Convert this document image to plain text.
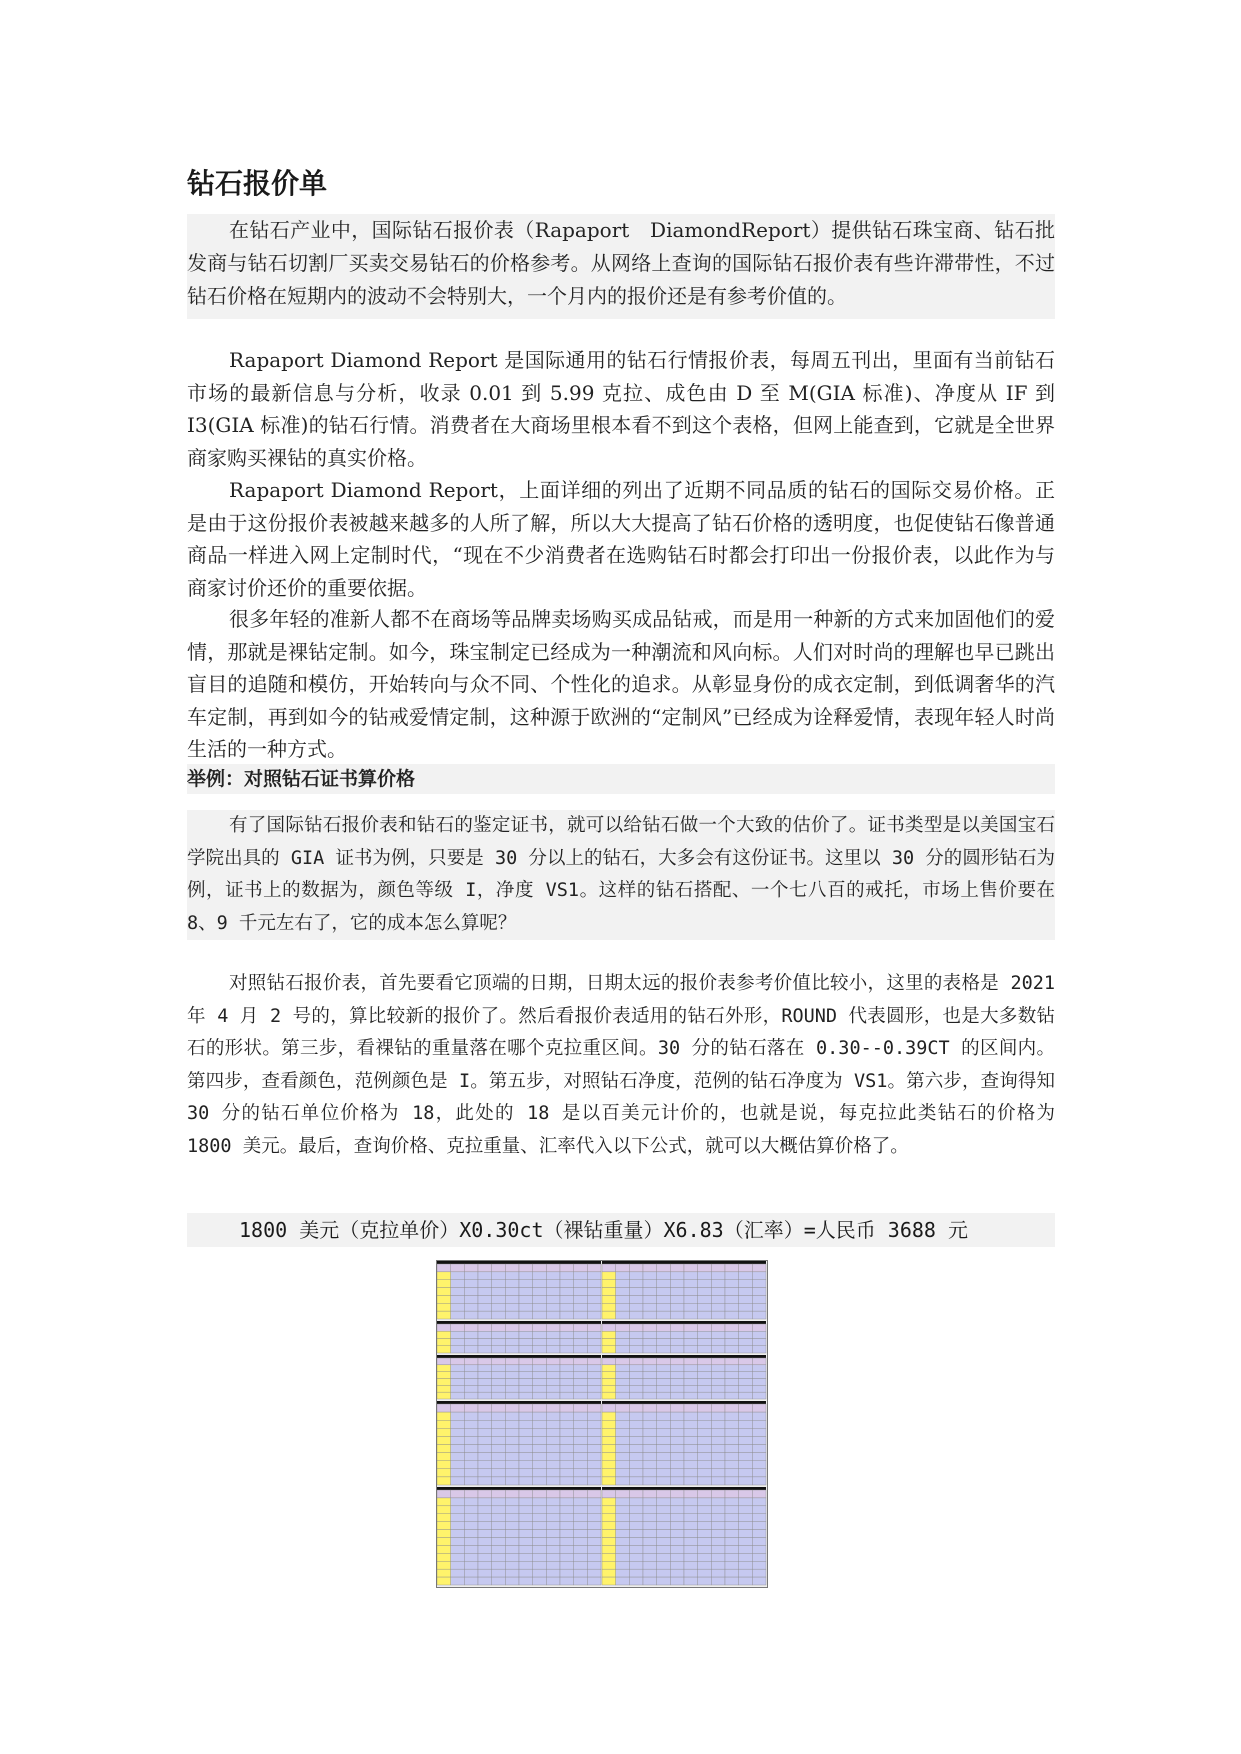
钻石报价单

在钻石产业中，国际钻石报价表（Rapaport　DiamondReport）提供钻石珠宝商、钻石批发商与钻石切割厂买卖交易钻石的价格参考。从网络上查询的国际钻石报价表有些许滞带性，不过钻石价格在短期内的波动不会特别大，一个月内的报价还是有参考价值的。

Rapaport Diamond Report 是国际通用的钻石行情报价表，每周五刊出，里面有当前钻石市场的最新信息与分析，收录 0.01 到 5.99 克拉、成色由 D 至 M(GIA 标准)、净度从 IF 到 I3(GIA 标准)的钻石行情。消费者在大商场里根本看不到这个表格，但网上能查到，它就是全世界商家购买裸钻的真实价格。

Rapaport Diamond Report，上面详细的列出了近期不同品质的钻石的国际交易价格。正是由于这份报价表被越来越多的人所了解，所以大大提高了钻石价格的透明度，也促使钻石像普通商品一样进入网上定制时代，“现在不少消费者在选购钻石时都会打印出一份报价表，以此作为与商家讨价还价的重要依据。

很多年轻的准新人都不在商场等品牌卖场购买成品钻戒，而是用一种新的方式来加固他们的爱情，那就是裸钻定制。如今，珠宝制定已经成为一种潮流和风向标。人们对时尚的理解也早已跳出盲目的追随和模仿，开始转向与众不同、个性化的追求。从彰显身份的成衣定制，到低调奢华的汽车定制，再到如今的钻戒爱情定制，这种源于欧洲的“定制风”已经成为诠释爱情，表现年轻人时尚生活的一种方式。

举例：对照钻石证书算价格

有了国际钻石报价表和钻石的鉴定证书，就可以给钻石做一个大致的估价了。证书类型是以美国宝石学院出具的 GIA 证书为例，只要是 30 分以上的钻石，大多会有这份证书。这里以 30 分的圆形钻石为例，证书上的数据为，颜色等级 I，净度 VS1。这样的钻石搭配、一个七八百的戒托，市场上售价要在 8、9 千元左右了，它的成本怎么算呢？

对照钻石报价表，首先要看它顶端的日期，日期太远的报价表参考价值比较小，这里的表格是 2021 年 4 月 2 号的，算比较新的报价了。然后看报价表适用的钻石外形，ROUND 代表圆形，也是大多数钻石的形状。第三步，看裸钻的重量落在哪个克拉重区间。30 分的钻石落在 0.30--0.39CT 的区间内。第四步，查看颜色，范例颜色是 I。第五步，对照钻石净度，范例的钻石净度为 VS1。第六步，查询得知 30 分的钻石单位价格为 18，此处的 18 是以百美元计价的，也就是说，每克拉此类钻石的价格为 1800 美元。最后，查询价格、克拉重量、汇率代入以下公式，就可以大概估算价格了。

1800 美元（克拉单价）X0.30ct（裸钻重量）X6.83（汇率）=人民币 3688 元
